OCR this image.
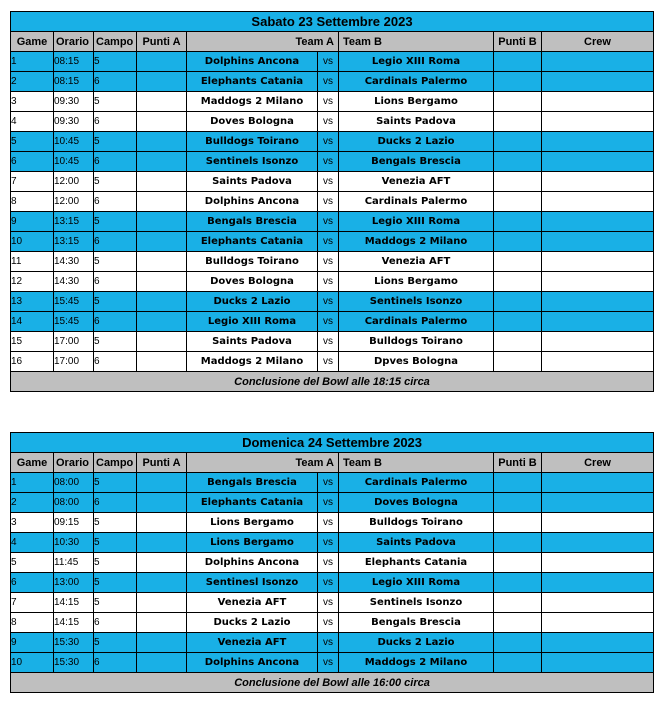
Sabato 23 Settembre 2023								
Game	Orario	Campo	Punti A	Team A		Team B	Punti B	Crew
1	08:15	5		Dolphins Ancona	vs	Legio XIII Roma		
2	08:15	6		Elephants Catania	vs	Cardinals Palermo		
3	09:30	5		Maddogs 2 Milano	vs	Lions Bergamo		
4	09:30	6		Doves Bologna	vs	Saints Padova		
5	10:45	5		Bulldogs Toirano	vs	Ducks 2 Lazio		
6	10:45	6		Sentinels Isonzo	vs	Bengals Brescia		
7	12:00	5		Saints Padova	vs	Venezia AFT		
8	12:00	6		Dolphins Ancona	vs	Cardinals Palermo		
9	13:15	5		Bengals Brescia	vs	Legio XIII Roma		
10	13:15	6		Elephants Catania	vs	Maddogs 2 Milano		
11	14:30	5		Bulldogs Toirano	vs	Venezia AFT		
12	14:30	6		Doves Bologna	vs	Lions Bergamo		
13	15:45	5		Ducks 2 Lazio	vs	Sentinels Isonzo		
14	15:45	6		Legio XIII Roma	vs	Cardinals Palermo		
15	17:00	5		Saints Padova	vs	Bulldogs Toirano		
16	17:00	6		Maddogs 2 Milano	vs	Dpves Bologna		
Conclusione del Bowl alle 18:15 circa								
Domenica 24 Settembre 2023								
Game	Orario	Campo	Punti A	Team A		Team B	Punti B	Crew
1	08:00	5		Bengals Brescia	vs	Cardinals Palermo		
2	08:00	6		Elephants Catania	vs	Doves Bologna		
3	09:15	5		Lions Bergamo	vs	Bulldogs Toirano		
4	10:30	5		Lions Bergamo	vs	Saints Padova		
5	11:45	5		Dolphins Ancona	vs	Elephants Catania		
6	13:00	5		Sentinesl Isonzo	vs	Legio XIII Roma		
7	14:15	5		Venezia AFT	vs	Sentinels Isonzo		
8	14:15	6		Ducks 2 Lazio	vs	Bengals Brescia		
9	15:30	5		Venezia AFT	vs	Ducks 2 Lazio		
10	15:30	6		Dolphins Ancona	vs	Maddogs 2 Milano		
Conclusione del Bowl alle 16:00 circa								
